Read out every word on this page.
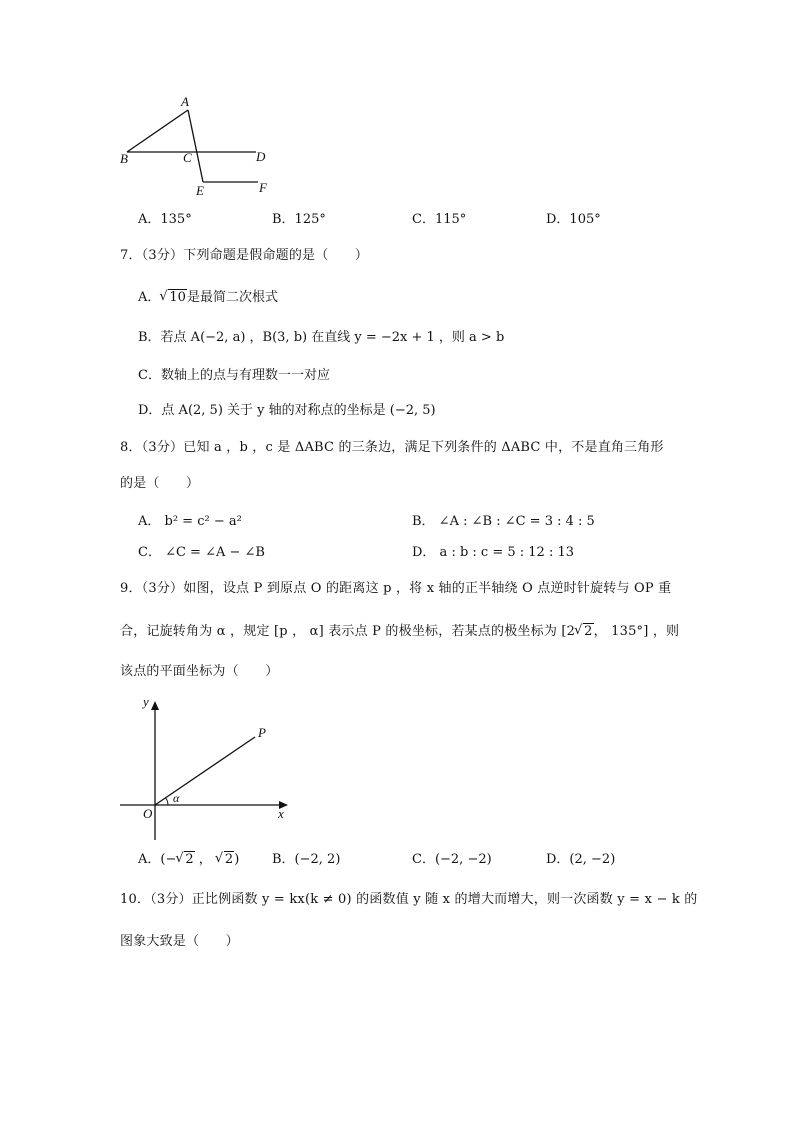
A
B	C	D
E	F
A．135°	B．125°	C．115°	D．105°
7．（3分）下列命题是假命题的是（　　）
A． √ 10是最简二次根式
B．若点 A(−2, a) ，B(3, b) 在直线 y = −2x + 1 ，则 a > b
C．数轴上的点与有理数一一对应
D．点 A(2, 5) 关于 y 轴的对称点的坐标是 (−2, 5)
8．（3分）已知 a ，b ，c 是 ΔABC 的三条边，满足下列条件的 ΔABC 中，不是直角三角形
的是（　　）
A． b² = c² − a²	B． ∠A : ∠B : ∠C = 3 : 4 : 5
C． ∠C = ∠A − ∠B	D． a : b : c = 5 : 12 : 13
9．（3分）如图，设点 P 到原点 O 的距离这 p ，将 x 轴的正半轴绕 O 点逆时针旋转与 OP 重
合，记旋转角为 α ，规定 [p ， α] 表示点 P 的极坐标，若某点的极坐标为 [2 √ 2， 135°] ，则
该点的平面坐标为（　　）
y
x
O
P
α
A．(− √ 2 ， √ 2)	B．(−2, 2)	C．(−2, −2)	D．(2, −2)
10．（3分）正比例函数 y = kx(k ≠ 0) 的函数值 y 随 x 的增大而增大，则一次函数 y = x − k 的
图象大致是（　　）
